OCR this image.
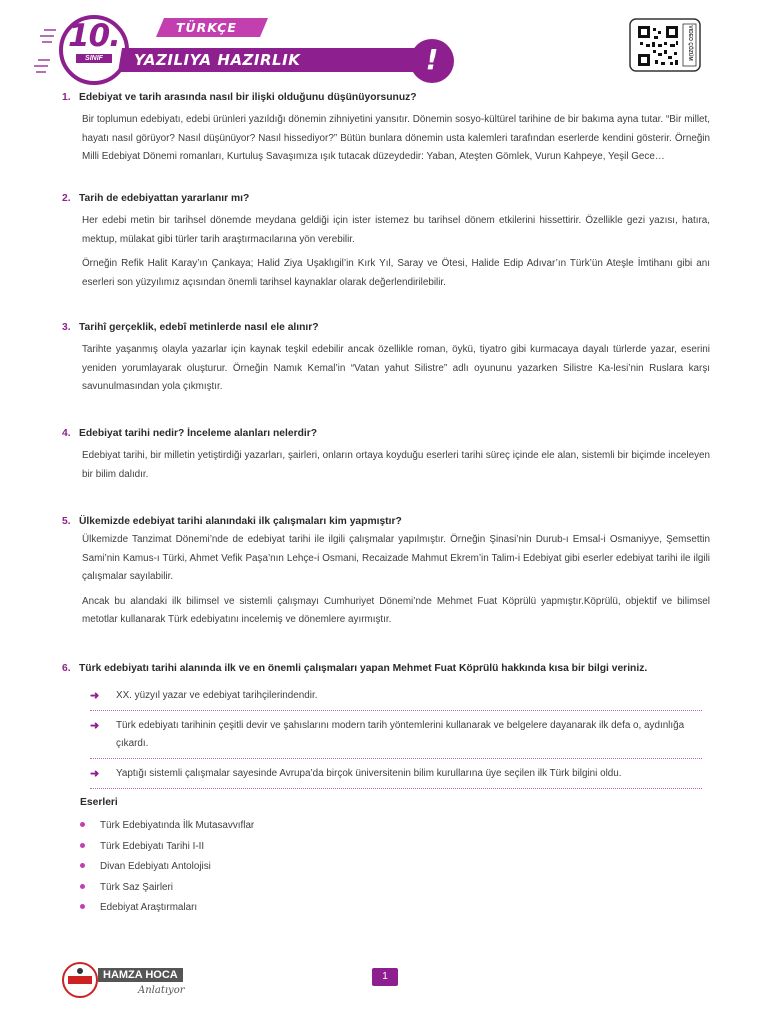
10.
SINIF
TÜRKÇE
YAZILIYA HAZIRLIK	!	VIDEO ÇÖZÜM
1. Edebiyat ve tarih arasında nasıl bir ilişki olduğunu düşünüyorsunuz?
Bir toplumun edebiyatı, edebi ürünleri yazıldığı dönemin zihniyetini yansıtır. Dönemin sosyo-kültürel tarihine de bir bakıma ayna tutar. “Bir millet, hayatı nasıl görüyor? Nasıl düşünüyor? Nasıl hissediyor?” Bütün bunlara dönemin usta kalemleri tarafından eserlerde kendini gösterir. Örneğin Milli Edebiyat Dönemi romanları, Kurtuluş Savaşımıza ışık tutacak düzeydedir: Yaban, Ateşten Gömlek, Vurun Kahpeye, Yeşil Gece…
2. Tarih de edebiyattan yararlanır mı?
Her edebi metin bir tarihsel dönemde meydana geldiği için ister istemez bu tarihsel dönem etkilerini hissettirir. Özellikle gezi yazısı, hatıra, mektup, mülakat gibi türler tarih araştırmacılarına yön verebilir.
Örneğin Refik Halit Karay’ın Çankaya; Halid Ziya Uşaklıgil’in Kırk Yıl, Saray ve Ötesi, Halide Edip Adıvar’ın Türk’ün Ateşle İmtihanı gibi anı eserleri son yüzyılımız açısından önemli tarihsel kaynaklar olarak değerlendirilebilir.
3. Tarihî gerçeklik, edebî metinlerde nasıl ele alınır?
Tarihte yaşanmış olayla yazarlar için kaynak teşkil edebilir ancak özellikle roman, öykü, tiyatro gibi kurmacaya dayalı türlerde yazar, eserini yeniden yorumlayarak oluşturur. Örneğin Namık Kemal’in “Vatan yahut Silistre” adlı oyununu yazarken Silistre Ka-lesi’nin Ruslara karşı savunulmasından yola çıkmıştır.
4. Edebiyat tarihi nedir? İnceleme alanları nelerdir?
Edebiyat tarihi, bir milletin yetiştirdiği yazarları, şairleri, onların ortaya koyduğu eserleri tarihi süreç içinde ele alan, sistemli bir biçimde inceleyen bir bilim dalıdır.
5. Ülkemizde edebiyat tarihi alanındaki ilk çalışmaları kim yapmıştır?
Ülkemizde Tanzimat Dönemi’nde de edebiyat tarihi ile ilgili çalışmalar yapılmıştır. Örneğin Şinasi’nin Durub-ı Emsal-i Osmaniyye, Şemsettin Sami’nin Kamus-ı Türki, Ahmet Vefik Paşa’nın Lehçe-i Osmani, Recaizade Mahmut Ekrem’in Talim-i Edebiyat gibi eserler edebiyat tarihi ile ilgili çalışmalar sayılabilir.
Ancak bu alandaki ilk bilimsel ve sistemli çalışmayı Cumhuriyet Dönemi’nde Mehmet Fuat Köprülü yapmıştır.Köprülü, objektif ve bilimsel metotlar kullanarak Türk edebiyatını incelemiş ve dönemlere ayırmıştır.
6. Türk edebiyatı tarihi alanında ilk ve en önemli çalışmaları yapan Mehmet Fuat Köprülü hakkında kısa bir bilgi veriniz.
➜ XX. yüzyıl yazar ve edebiyat tarihçilerindendir.
➜ Türk edebiyatı tarihinin çeşitli devir ve şahıslarını modern tarih yöntemlerini kullanarak ve belgelere dayanarak ilk defa o, aydınlığa çıkardı.
➜ Yaptığı sistemli çalışmalar sayesinde Avrupa’da birçok üniversitenin bilim kurullarına üye seçilen ilk Türk bilgini oldu.
Eserleri
Türk Edebiyatında İlk Mutasavvıflar
Türk Edebiyatı Tarihi I-II
Divan Edebiyatı Antolojisi
Türk Saz Şairleri
Edebiyat Araştırmaları
HAMZA HOCA
Anlatıyor
1
